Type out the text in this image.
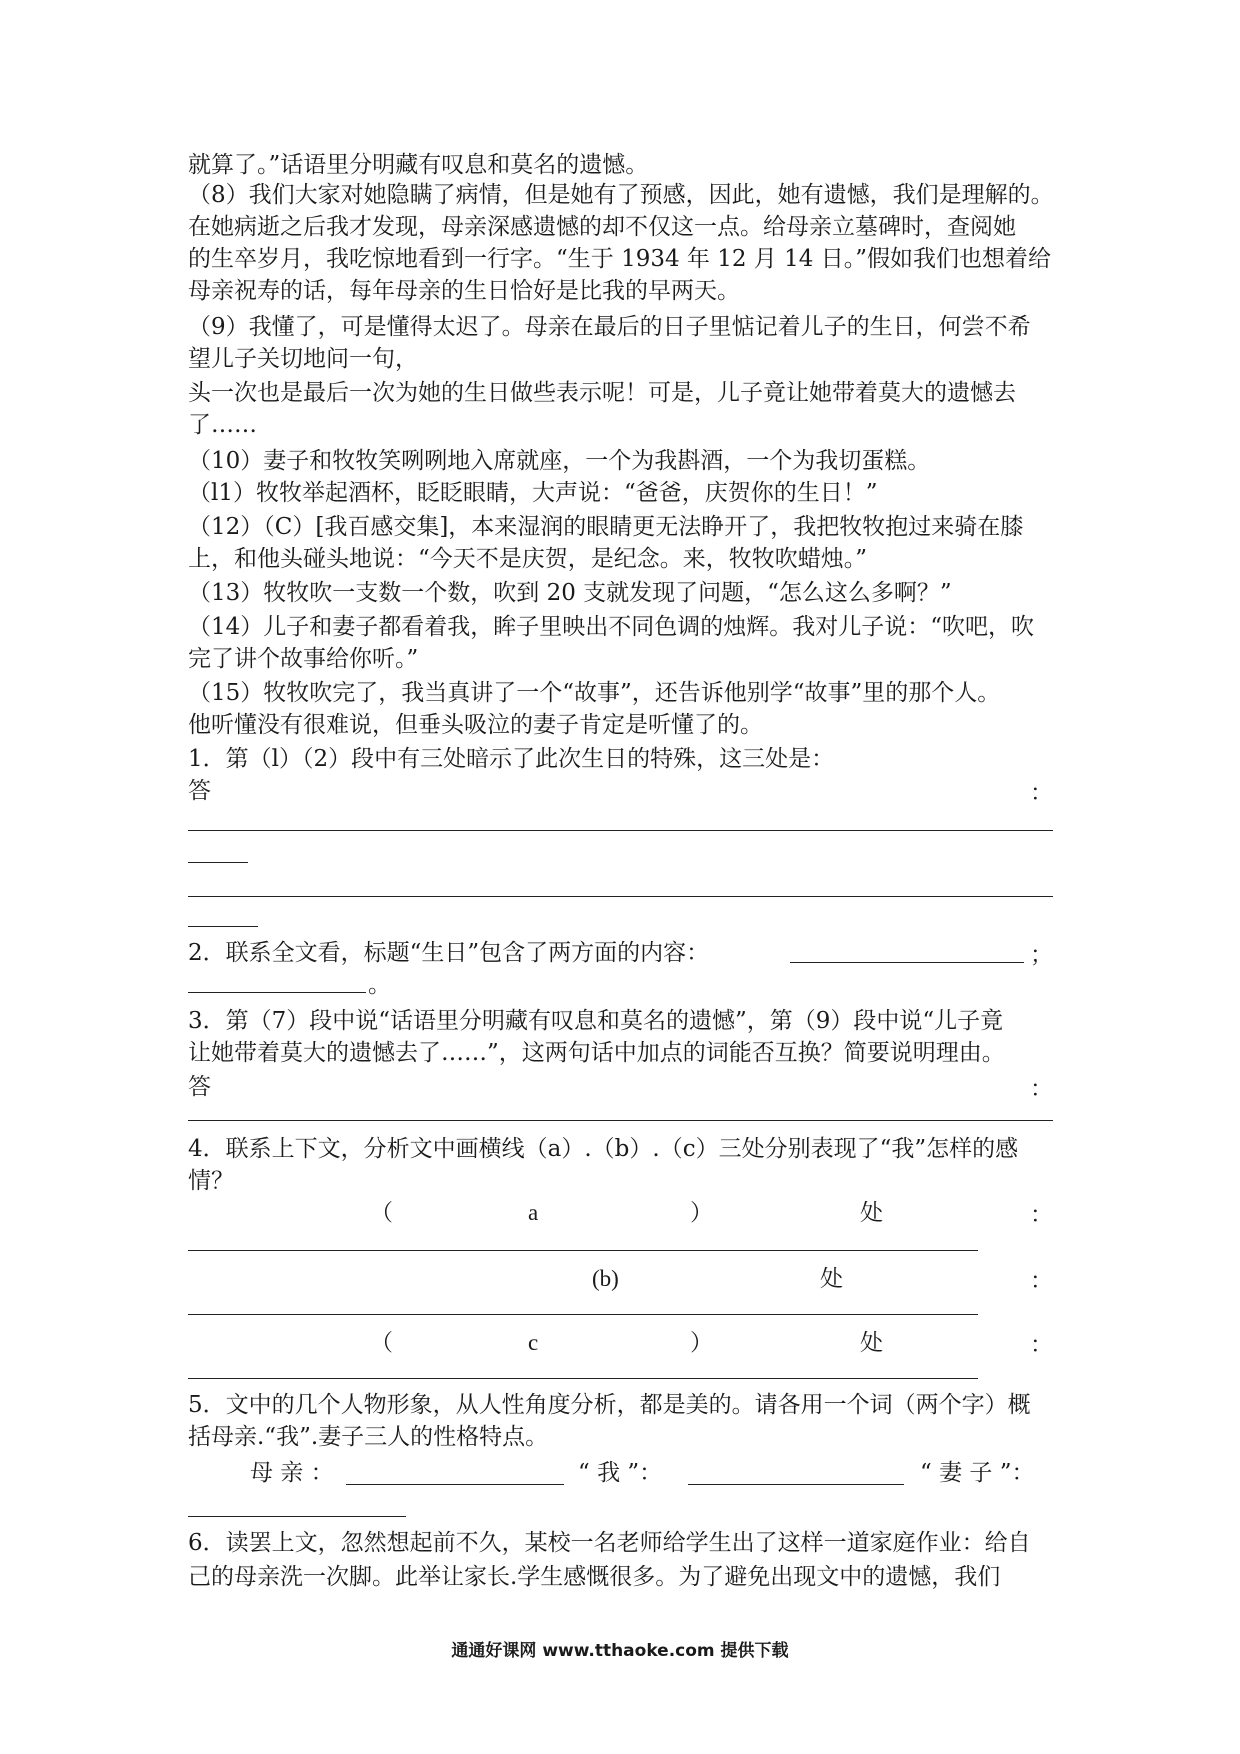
就算了。”话语里分明藏有叹息和莫名的遗憾。
（8）我们大家对她隐瞒了病情，但是她有了预感，因此，她有遗憾，我们是理解的。
在她病逝之后我才发现，母亲深感遗憾的却不仅这一点。给母亲立墓碑时，查阅她
的生卒岁月，我吃惊地看到一行字。“生于 1934 年 12 月 14 日。”假如我们也想着给
母亲祝寿的话，每年母亲的生日恰好是比我的早两天。
（9）我懂了，可是懂得太迟了。母亲在最后的日子里惦记着儿子的生日，何尝不希
望儿子关切地问一句，
头一次也是最后一次为她的生日做些表示呢！可是，儿子竟让她带着莫大的遗憾去
了……
（10）妻子和牧牧笑咧咧地入席就座，一个为我斟酒，一个为我切蛋糕。
（l1）牧牧举起酒杯，眨眨眼睛，大声说：“爸爸，庆贺你的生日！”
（12）（C）[我百感交集]，本来湿润的眼睛更无法睁开了，我把牧牧抱过来骑在膝
上，和他头碰头地说：“今天不是庆贺，是纪念。来，牧牧吹蜡烛。”
（13）牧牧吹一支数一个数，吹到 20 支就发现了问题，“怎么这么多啊？”
（14）儿子和妻子都看着我，眸子里映出不同色调的烛辉。我对儿子说：“吹吧，吹
完了讲个故事给你听。”
（15）牧牧吹完了，我当真讲了一个“故事”，还告诉他别学“故事”里的那个人。
他听懂没有很难说，但垂头吸泣的妻子肯定是听懂了的。
1．第（l）（2）段中有三处暗示了此次生日的特殊，这三处是：
答	：
2．联系全文看，标题“生日”包含了两方面的内容：	；
。
3．第（7）段中说“话语里分明藏有叹息和莫名的遗憾”，第（9）段中说“儿子竟
让她带着莫大的遗憾去了……”，这两句话中加点的词能否互换？简要说明理由。
答	：
4．联系上下文，分析文中画横线（a）.（b）.（c）三处分别表现了“我”怎样的感
情？
（	a	）	处	：
(b)	处	：
（	c	）	处	：
5．文中的几个人物形象，从人性角度分析，都是美的。请各用一个词（两个字）概
括母亲.“我”.妻子三人的性格特点。
母 亲 ：	“ 我 ”：	“ 妻 子 ”：
6．读罢上文，忽然想起前不久，某校一名老师给学生出了这样一道家庭作业：给自
己的母亲洗一次脚。此举让家长.学生感慨很多。为了避免出现文中的遗憾，我们
通通好课网 www.tthaoke.com 提供下载
